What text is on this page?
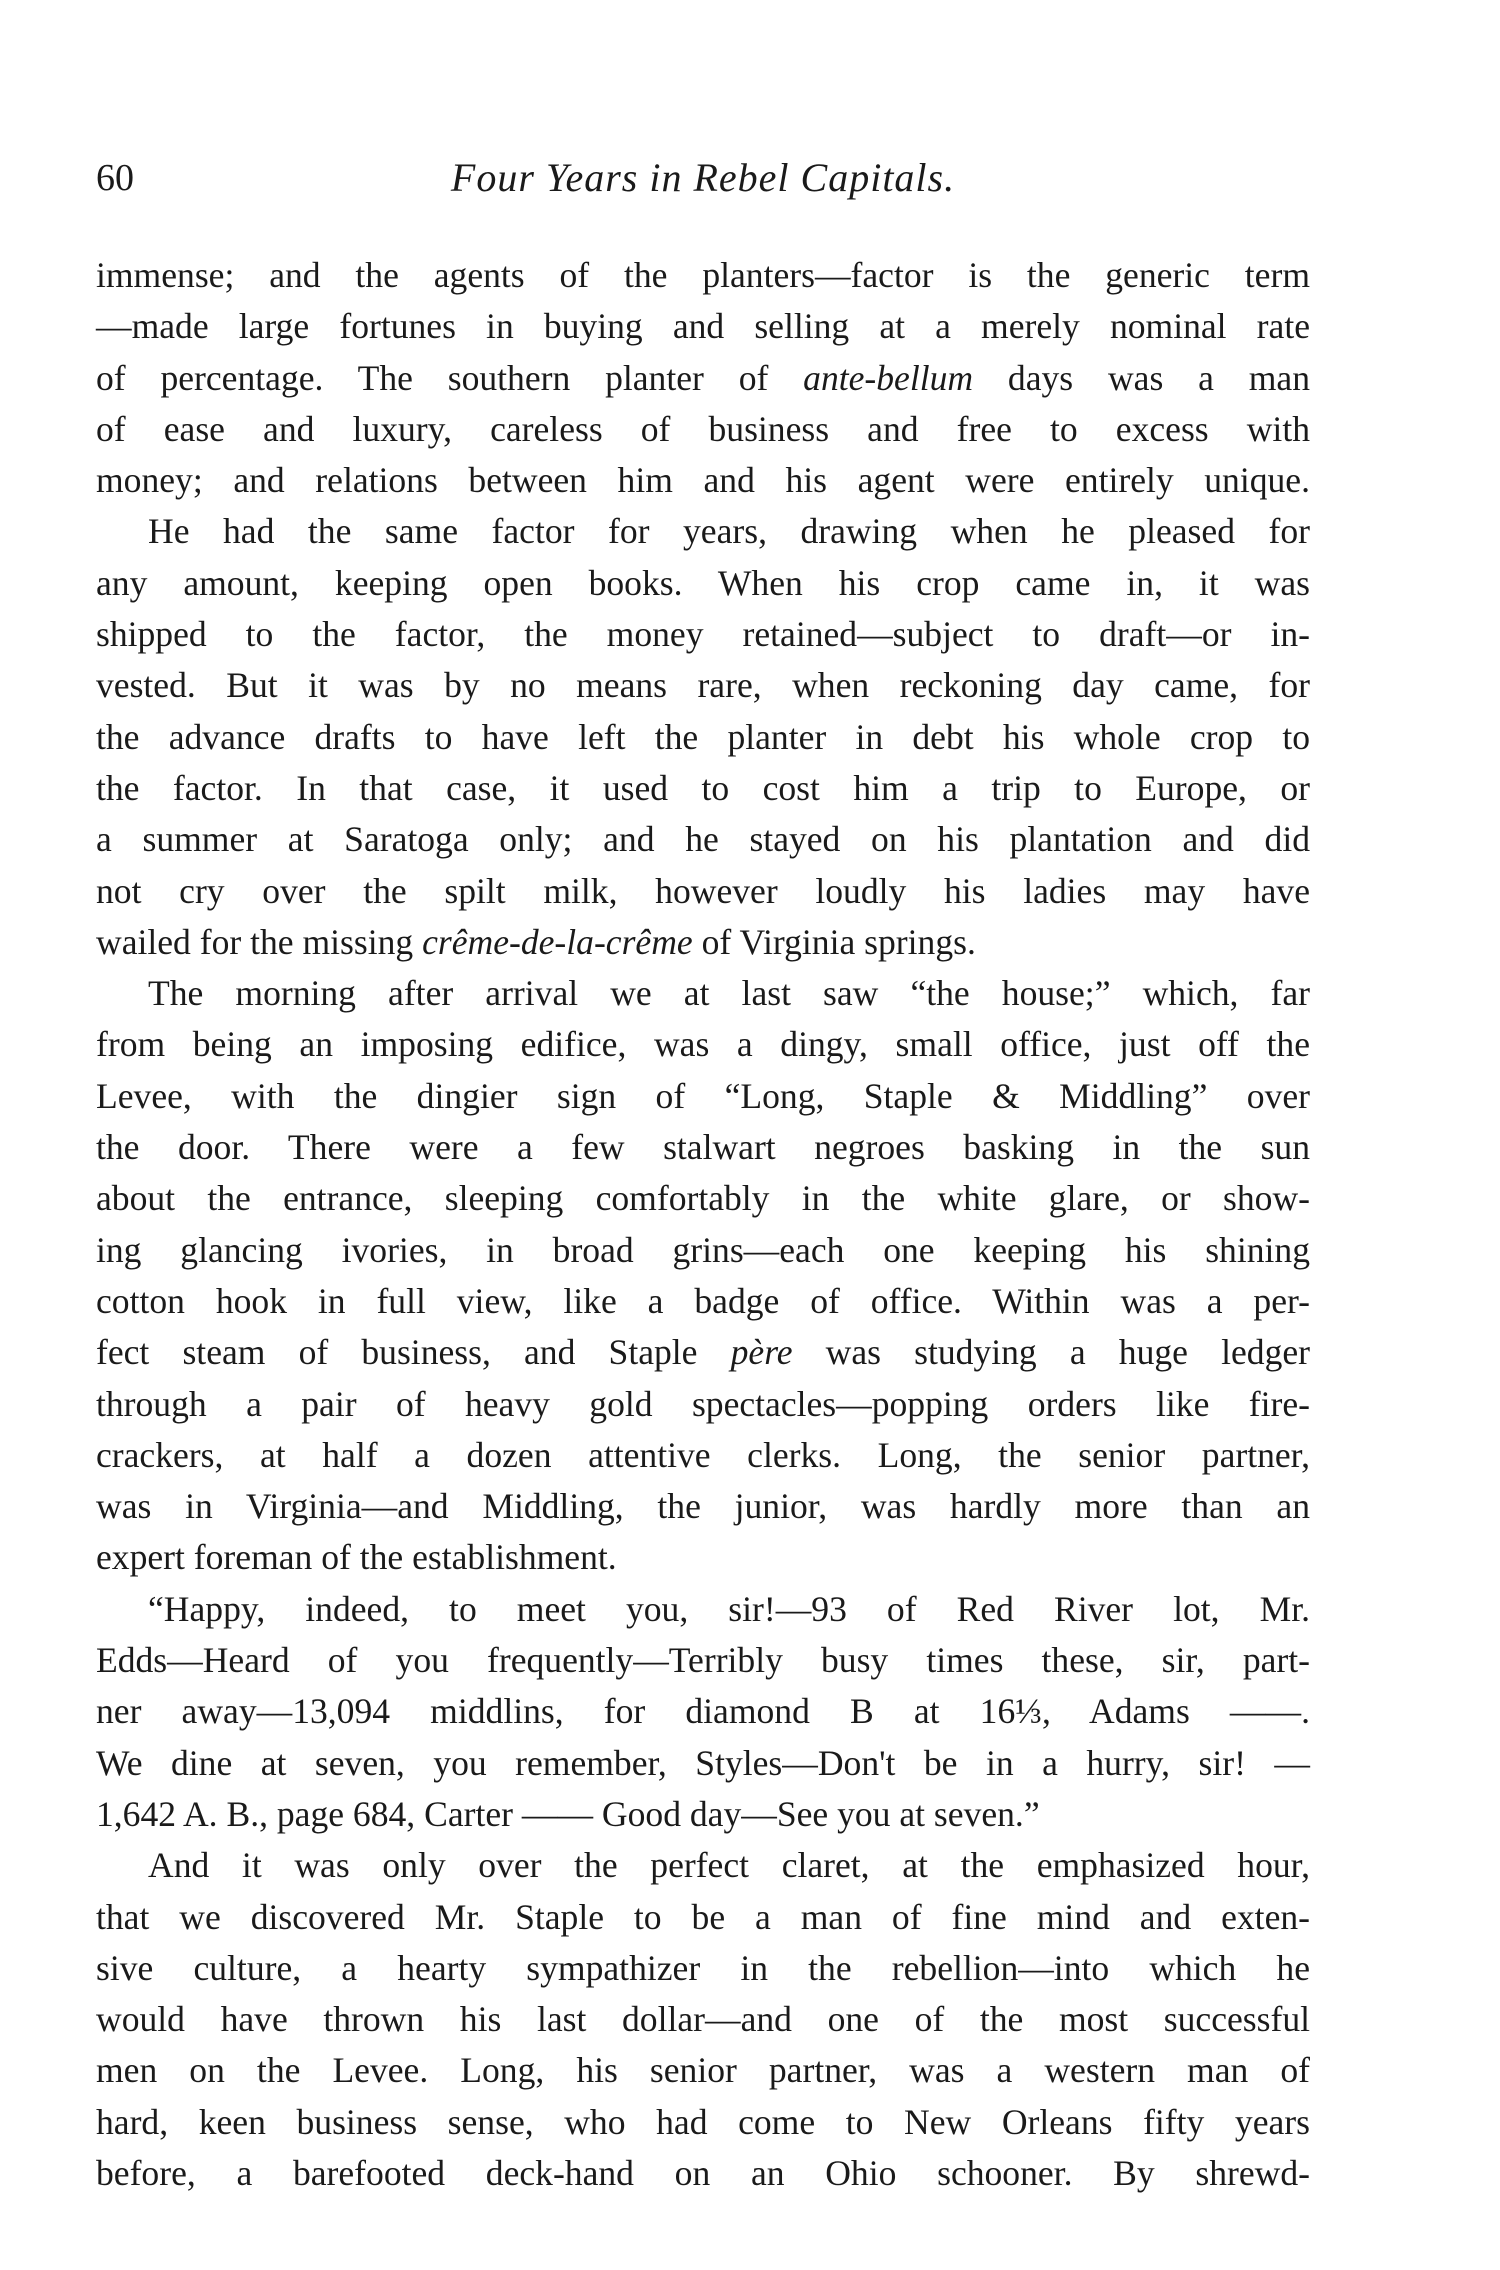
60	Four Years in Rebel Capitals.
immense; and the agents of the planters—factor is the generic term
—made large fortunes in buying and selling at a merely nominal rate
of percentage. The southern planter of ante-bellum days was a man
of ease and luxury, careless of business and free to excess with
money; and relations between him and his agent were entirely unique.
He had the same factor for years, drawing when he pleased for
any amount, keeping open books. When his crop came in, it was
shipped to the factor, the money retained—subject to draft—or in-
vested. But it was by no means rare, when reckoning day came, for
the advance drafts to have left the planter in debt his whole crop to
the factor. In that case, it used to cost him a trip to Europe, or
a summer at Saratoga only; and he stayed on his plantation and did
not cry over the spilt milk, however loudly his ladies may have
wailed for the missing crême-de-la-crême of Virginia springs.
The morning after arrival we at last saw “the house;” which, far
from being an imposing edifice, was a dingy, small office, just off the
Levee, with the dingier sign of “Long, Staple & Middling” over
the door. There were a few stalwart negroes basking in the sun
about the entrance, sleeping comfortably in the white glare, or show-
ing glancing ivories, in broad grins—each one keeping his shining
cotton hook in full view, like a badge of office. Within was a per-
fect steam of business, and Staple père was studying a huge ledger
through a pair of heavy gold spectacles—popping orders like fire-
crackers, at half a dozen attentive clerks. Long, the senior partner,
was in Virginia—and Middling, the junior, was hardly more than an
expert foreman of the establishment.
“Happy, indeed, to meet you, sir!—93 of Red River lot, Mr.
Edds—Heard of you frequently—Terribly busy times these, sir, part-
ner away—13,094 middlins, for diamond B at 16⅓, Adams ——.
We dine at seven, you remember, Styles—Don't be in a hurry, sir! —
1,642 A. B., page 684, Carter —— Good day—See you at seven.”
And it was only over the perfect claret, at the emphasized hour,
that we discovered Mr. Staple to be a man of fine mind and exten-
sive culture, a hearty sympathizer in the rebellion—into which he
would have thrown his last dollar—and one of the most successful
men on the Levee. Long, his senior partner, was a western man of
hard, keen business sense, who had come to New Orleans fifty years
before, a barefooted deck-hand on an Ohio schooner. By shrewd-
